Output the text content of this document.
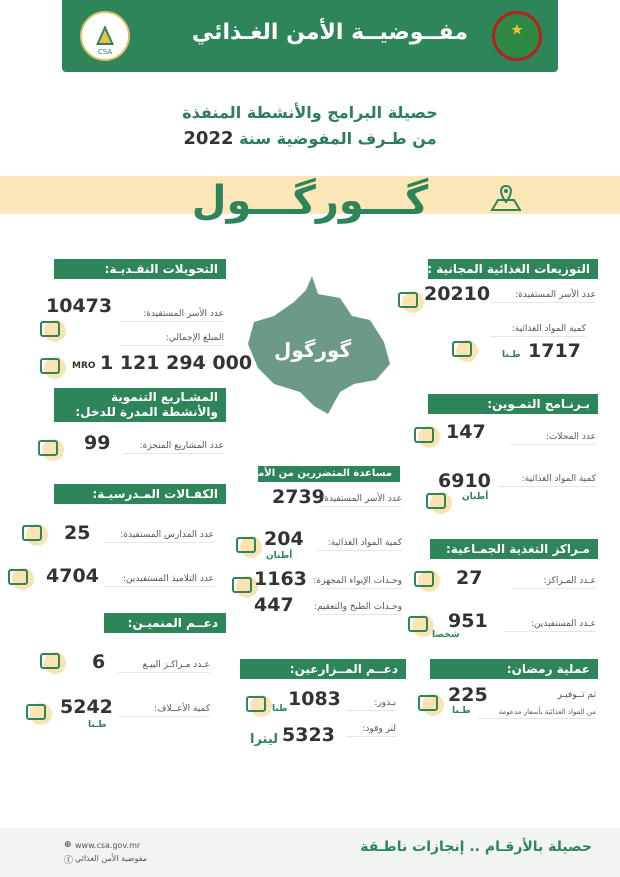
CSA
مفــوضيــة الأمن الغـذائي
حصيلة البرامج والأنشطة المنفذة
من طـرف المفوضية سنة 2022
گـــورگـــول
گورگول
التحويلات النقـديـة:
10473	عدد الأسر المستفيدة:
المبلغ الإجمالي:
MRO 1 121 294 000
المشـاريع التنموية والأنشطة المدرة للدخل:
99	عدد المشاريع المنجزة:
الكفـالات المـدرسيـة:
25	عدد المدارس المستفيدة:
4704	عدد التلاميذ المستفيدين:
دعــم المنميـن:
6	عـدد مـراكـز البيـع
5242
طـنا
كمية الأعــلاف:
التوزيعات الغذائية المجانية :
20210	عدد الأسر المستفيدة:
كمية المواد الغذائية:
1717
طـنا
بـرنـامج التمـوين:
147	عدد المحلات:
6910
أطنان
كمية المواد الغذائية:
مساعدة المتضررين من الأمطار:
2739
عدد الأسر المستفيدة:
204
أطنان
كمية المواد الغذائية:
1163 وحـدات الإيواء المجهزة:
447 وحـدات الطبخ والتعقيم:
مـراكز التغذية الجمـاعية:
27	عـدد المـراكز:
951
شخصا
عـدد المستفيدين:
دعــم المــزارعين:
1083
طنا
بـذور:
ليترا 5323	لتر وقود:
عملية رمضان:
225
طـنا
تم تــوفيـر
من المواد الغذائية بأسعار مدعومة
⊕ www.csa.gov.mr
ⓕ مفوضية الأمن الغذائي
حصيلة بالأرقـام .. إنجازات ناطـقة
